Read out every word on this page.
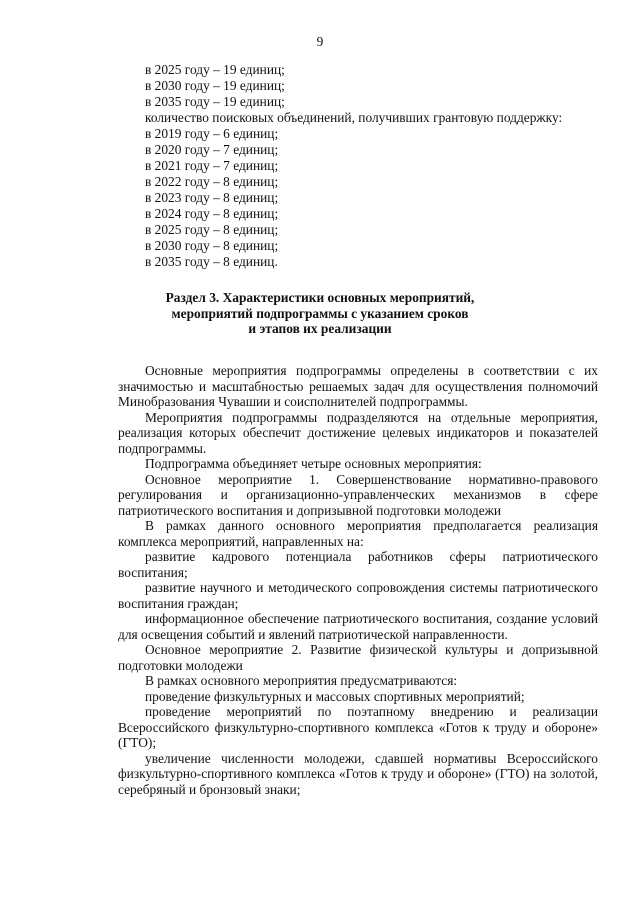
9
в 2025 году – 19 единиц;
в 2030 году – 19 единиц;
в 2035 году – 19 единиц;
количество поисковых объединений, получивших грантовую поддержку:
в 2019 году – 6 единиц;
в 2020 году – 7 единиц;
в 2021 году – 7 единиц;
в 2022 году – 8 единиц;
в 2023 году – 8 единиц;
в 2024 году – 8 единиц;
в 2025 году – 8 единиц;
в 2030 году – 8 единиц;
в 2035 году – 8 единиц.
Раздел 3. Характеристики основных мероприятий,
мероприятий подпрограммы с указанием сроков
и этапов их реализации

Основные мероприятия подпрограммы определены в соответствии с их значимостью и масштабностью решаемых задач для осуществления полномочий Минобразования Чувашии и соисполнителей подпрограммы.

Мероприятия подпрограммы подразделяются на отдельные мероприятия, реализация которых обеспечит достижение целевых индикаторов и показателей подпрограммы.

Подпрограмма объединяет четыре основных мероприятия:

Основное мероприятие 1. Совершенствование нормативно-правового регулирования и организационно-управленческих механизмов в сфере патриотического воспитания и допризывной подготовки молодежи

В рамках данного основного мероприятия предполагается реализация комплекса мероприятий, направленных на:

развитие кадрового потенциала работников сферы патриотического воспитания;

развитие научного и методического сопровождения системы патриотического воспитания граждан;

информационное обеспечение патриотического воспитания, создание условий для освещения событий и явлений патриотической направленности.

Основное мероприятие 2. Развитие физической культуры и допризывной подготовки молодежи

В рамках основного мероприятия предусматриваются:

проведение физкультурных и массовых спортивных мероприятий;

проведение мероприятий по поэтапному внедрению и реализации Всероссийского физкультурно-спортивного комплекса «Готов к труду и обороне» (ГТО);

увеличение численности молодежи, сдавшей нормативы Всероссийского физкультурно-спортивного комплекса «Готов к труду и обороне» (ГТО) на золотой, серебряный и бронзовый знаки;
